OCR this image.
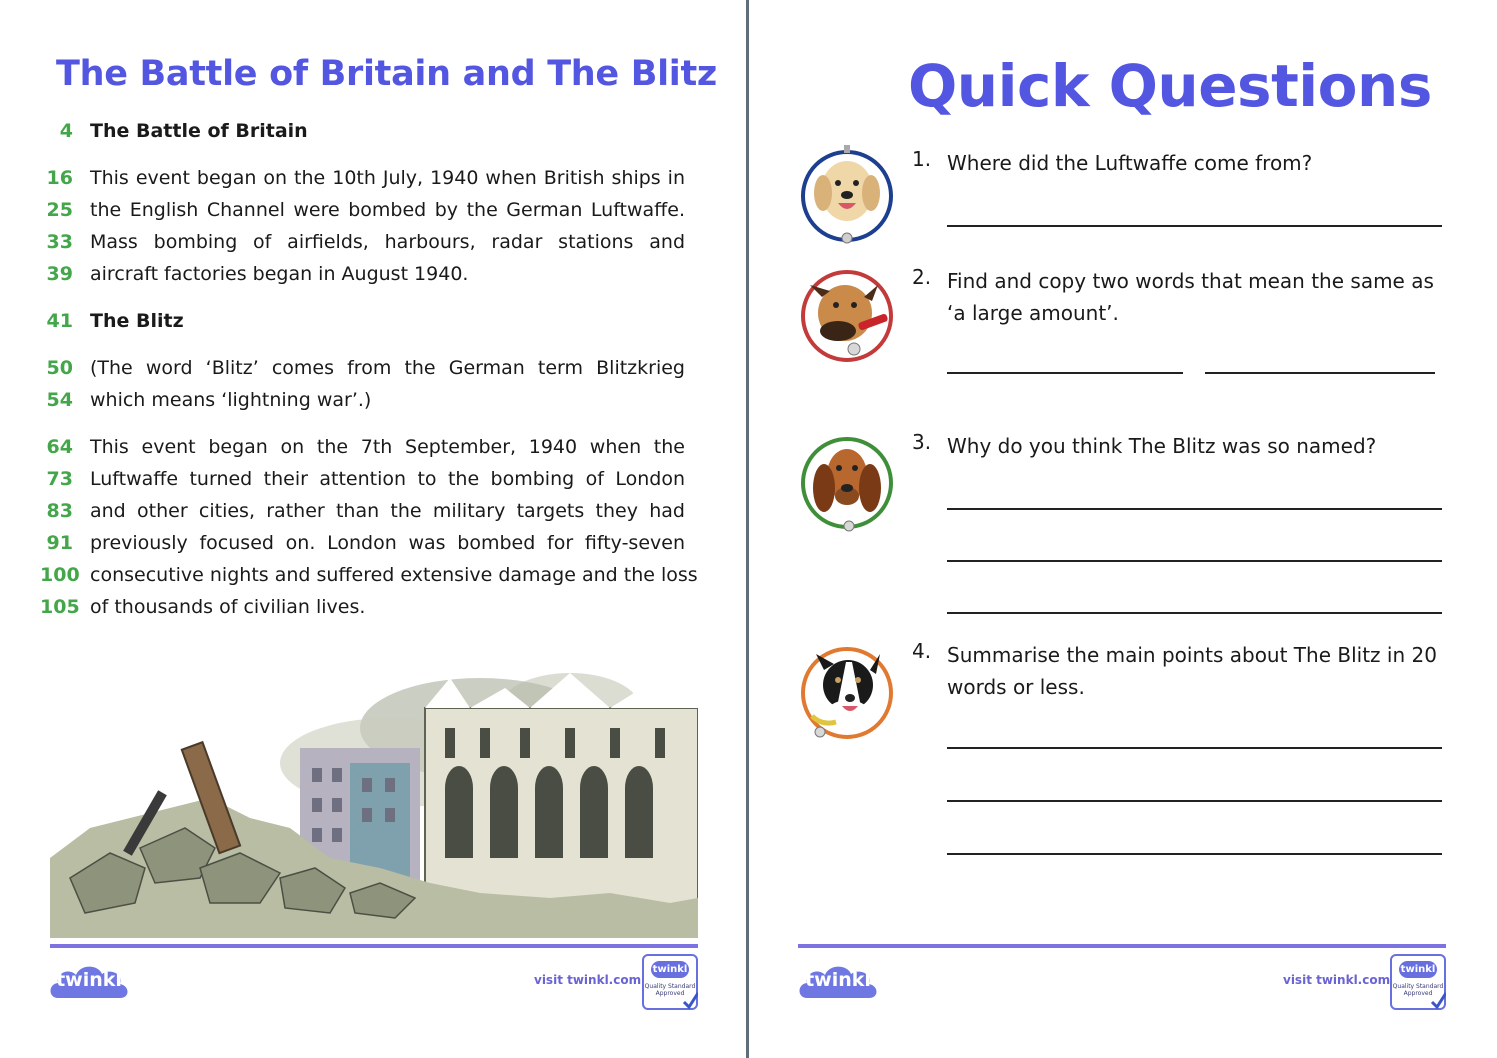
The Battle of Britain and The Blitz
4 The Battle of Britain
16 This event began on the 10th July, 1940 when British ships in
25 the English Channel were bombed by the German Luftwaffe.
33 Mass bombing of airfields, harbours, radar stations and
39 aircraft factories began in August 1940.
41 The Blitz
50 (The word ‘Blitz’ comes from the German term Blitzkrieg
54 which means ‘lightning war’.)
64 This event began on the 7th September, 1940 when the
73 Luftwaffe turned their attention to the bombing of London
83 and other cities, rather than the military targets they had
91 previously focused on. London was bombed for fifty-seven
100 consecutive nights and suffered extensive damage and the loss
105 of thousands of civilian lives.
twinkl	visit twinkl.com
twinkl
Quality Standard Approved
Quick Questions
1. Where did the Luftwaffe come from?
2. Find and copy two words that mean the same as
‘a large amount’.
3. Why do you think The Blitz was so named?
4. Summarise the main points about The Blitz in 20
words or less.
twinkl	visit twinkl.com
twinkl
Quality Standard Approved
